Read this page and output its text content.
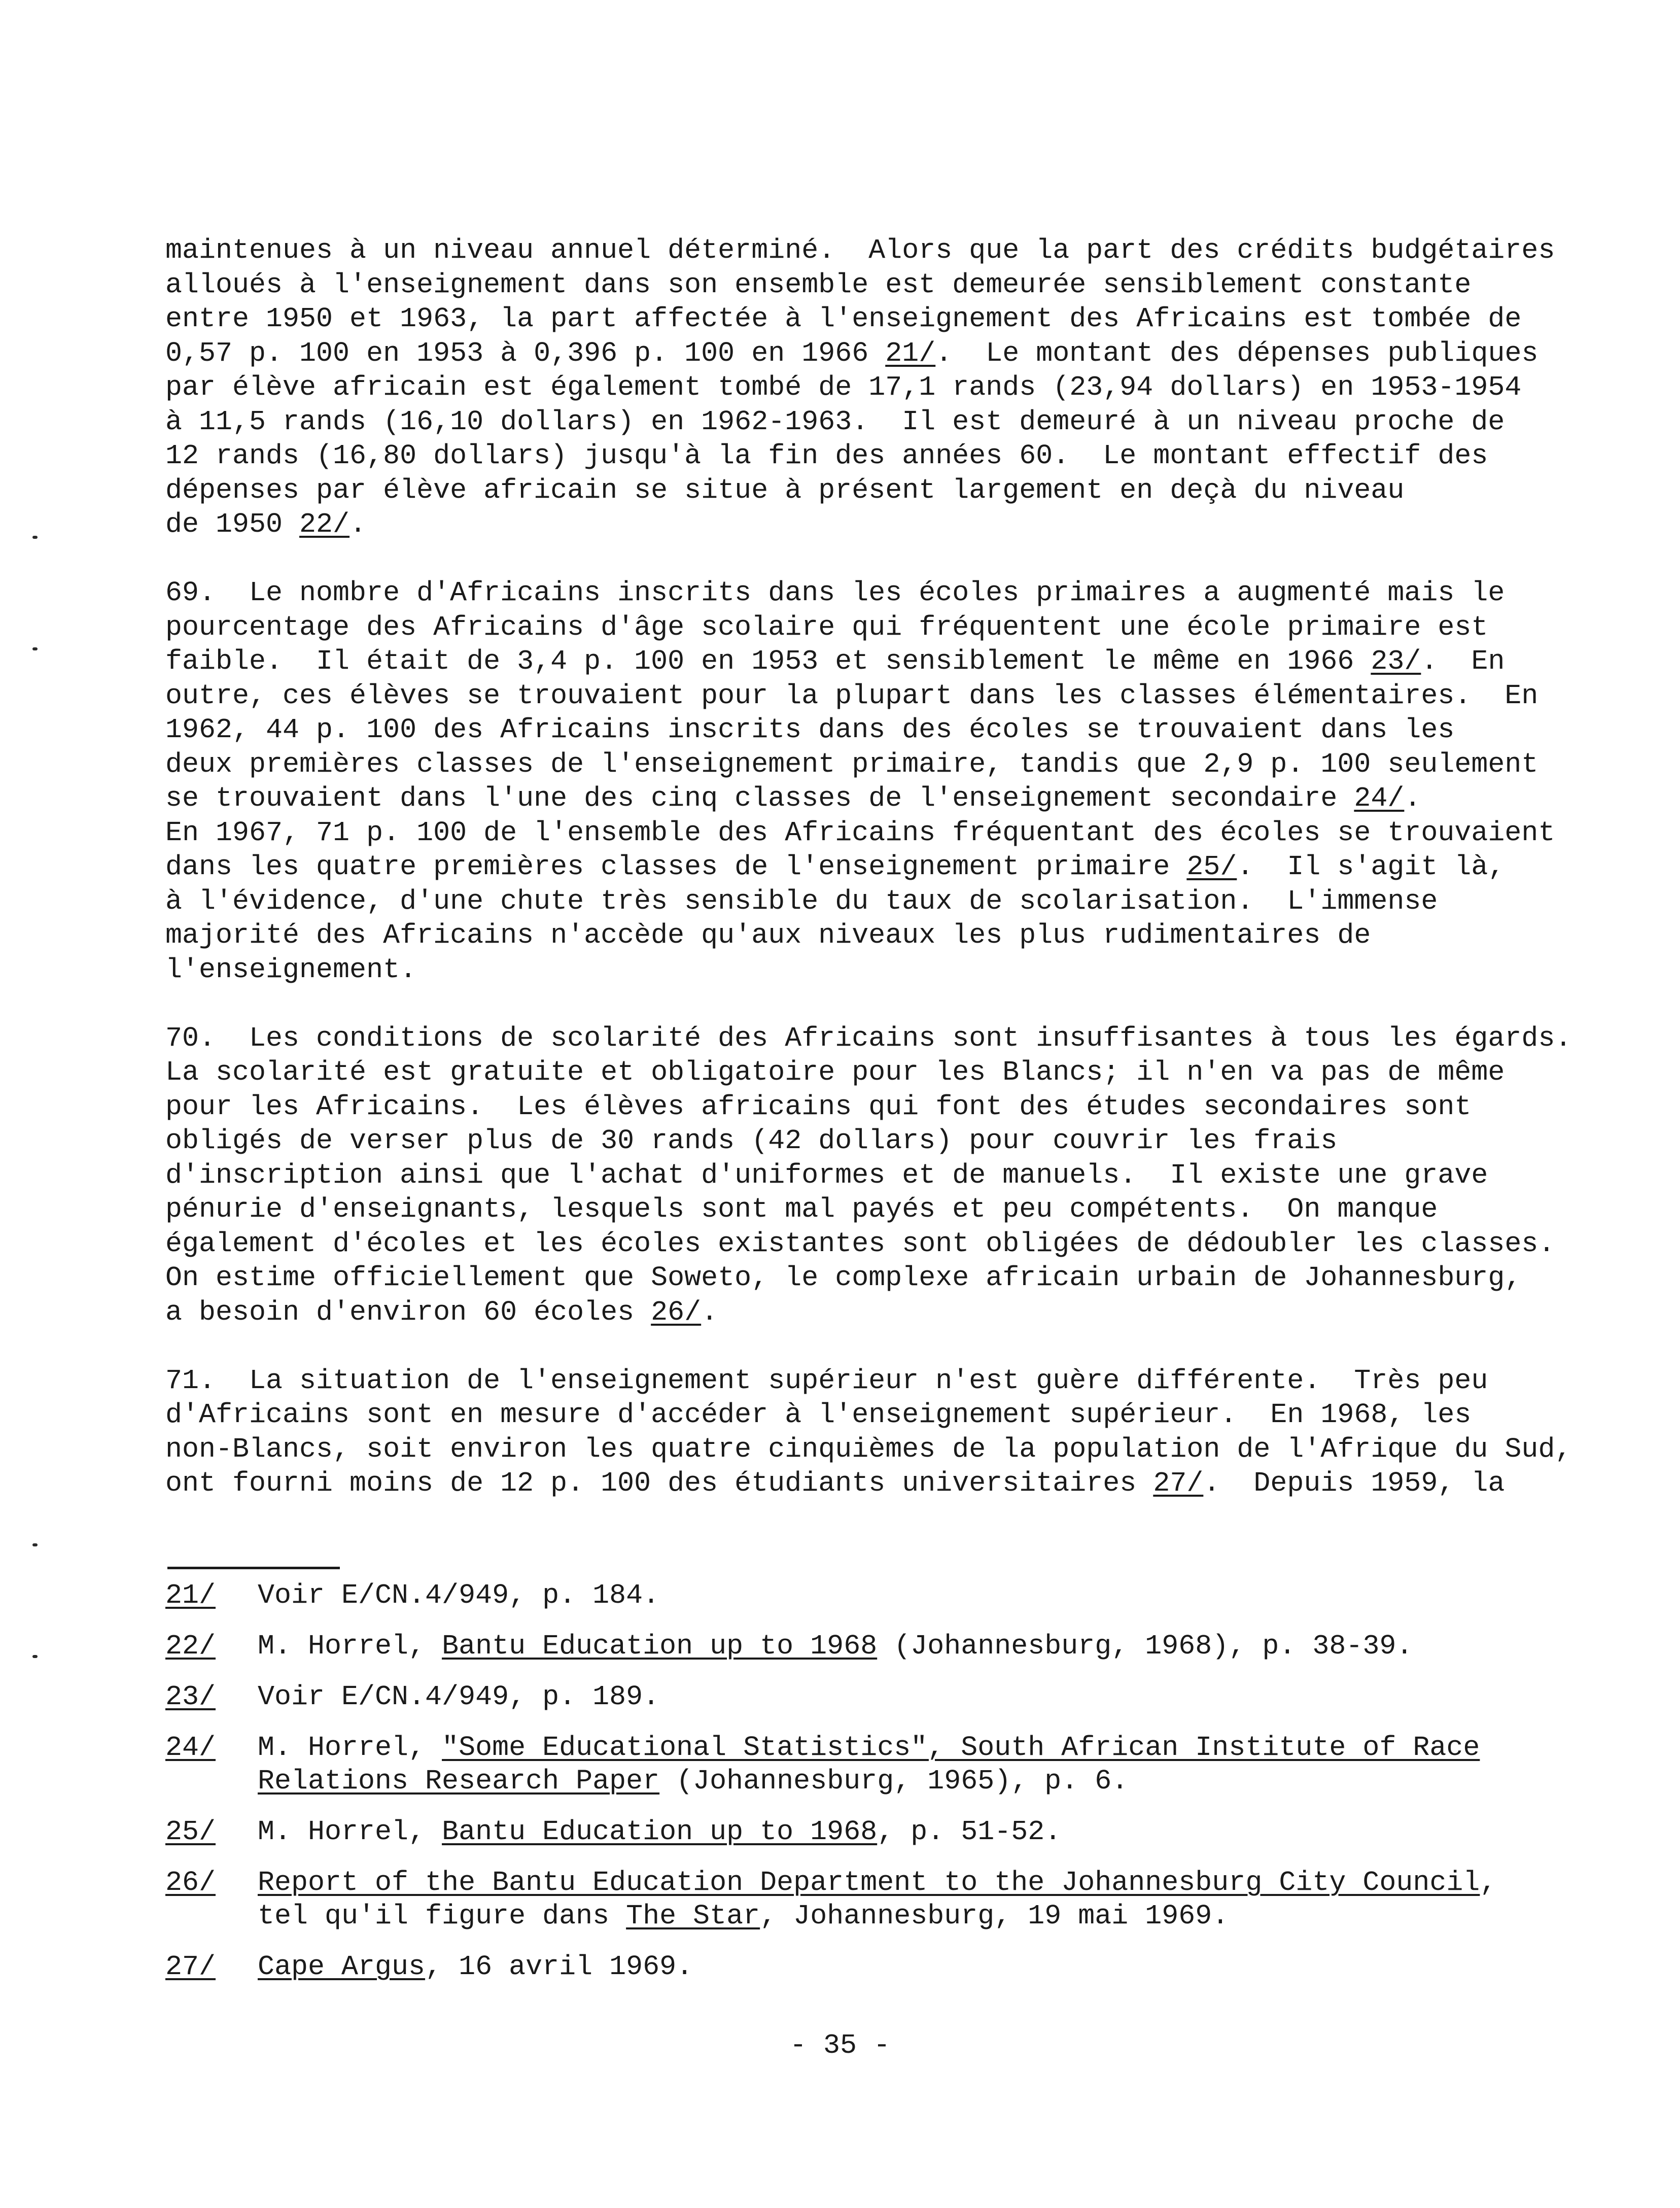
maintenues à un niveau annuel déterminé.  Alors que la part des crédits budgétaires
alloués à l'enseignement dans son ensemble est demeurée sensiblement constante
entre 1950 et 1963, la part affectée à l'enseignement des Africains est tombée de
0,57 p. 100 en 1953 à 0,396 p. 100 en 1966 21/.  Le montant des dépenses publiques
par élève africain est également tombé de 17,1 rands (23,94 dollars) en 1953-1954
à 11,5 rands (16,10 dollars) en 1962-1963.  Il est demeuré à un niveau proche de
12 rands (16,80 dollars) jusqu'à la fin des années 60.  Le montant effectif des
dépenses par élève africain se situe à présent largement en deçà du niveau
de 1950 22/.
69.  Le nombre d'Africains inscrits dans les écoles primaires a augmenté mais le
pourcentage des Africains d'âge scolaire qui fréquentent une école primaire est
faible.  Il était de 3,4 p. 100 en 1953 et sensiblement le même en 1966 23/.  En
outre, ces élèves se trouvaient pour la plupart dans les classes élémentaires.  En
1962, 44 p. 100 des Africains inscrits dans des écoles se trouvaient dans les
deux premières classes de l'enseignement primaire, tandis que 2,9 p. 100 seulement
se trouvaient dans l'une des cinq classes de l'enseignement secondaire 24/.
En 1967, 71 p. 100 de l'ensemble des Africains fréquentant des écoles se trouvaient
dans les quatre premières classes de l'enseignement primaire 25/.  Il s'agit là,
à l'évidence, d'une chute très sensible du taux de scolarisation.  L'immense
majorité des Africains n'accède qu'aux niveaux les plus rudimentaires de
l'enseignement.
70.  Les conditions de scolarité des Africains sont insuffisantes à tous les égards.
La scolarité est gratuite et obligatoire pour les Blancs; il n'en va pas de même
pour les Africains.  Les élèves africains qui font des études secondaires sont
obligés de verser plus de 30 rands (42 dollars) pour couvrir les frais
d'inscription ainsi que l'achat d'uniformes et de manuels.  Il existe une grave
pénurie d'enseignants, lesquels sont mal payés et peu compétents.  On manque
également d'écoles et les écoles existantes sont obligées de dédoubler les classes.
On estime officiellement que Soweto, le complexe africain urbain de Johannesburg,
a besoin d'environ 60 écoles 26/.
71.  La situation de l'enseignement supérieur n'est guère différente.  Très peu
d'Africains sont en mesure d'accéder à l'enseignement supérieur.  En 1968, les
non-Blancs, soit environ les quatre cinquièmes de la population de l'Afrique du Sud,
ont fourni moins de 12 p. 100 des étudiants universitaires 27/.  Depuis 1959, la
21/ Voir E/CN.4/949, p. 184.
22/ M. Horrel, Bantu Education up to 1968 (Johannesburg, 1968), p. 38-39.
23/ Voir E/CN.4/949, p. 189.
24/ M. Horrel, "Some Educational Statistics", South African Institute of Race
Relations Research Paper (Johannesburg, 1965), p. 6.
25/ M. Horrel, Bantu Education up to 1968, p. 51-52.
26/ Report of the Bantu Education Department to the Johannesburg City Council,
tel qu'il figure dans The Star, Johannesburg, 19 mai 1969.
27/ Cape Argus, 16 avril 1969.
- 35 -
